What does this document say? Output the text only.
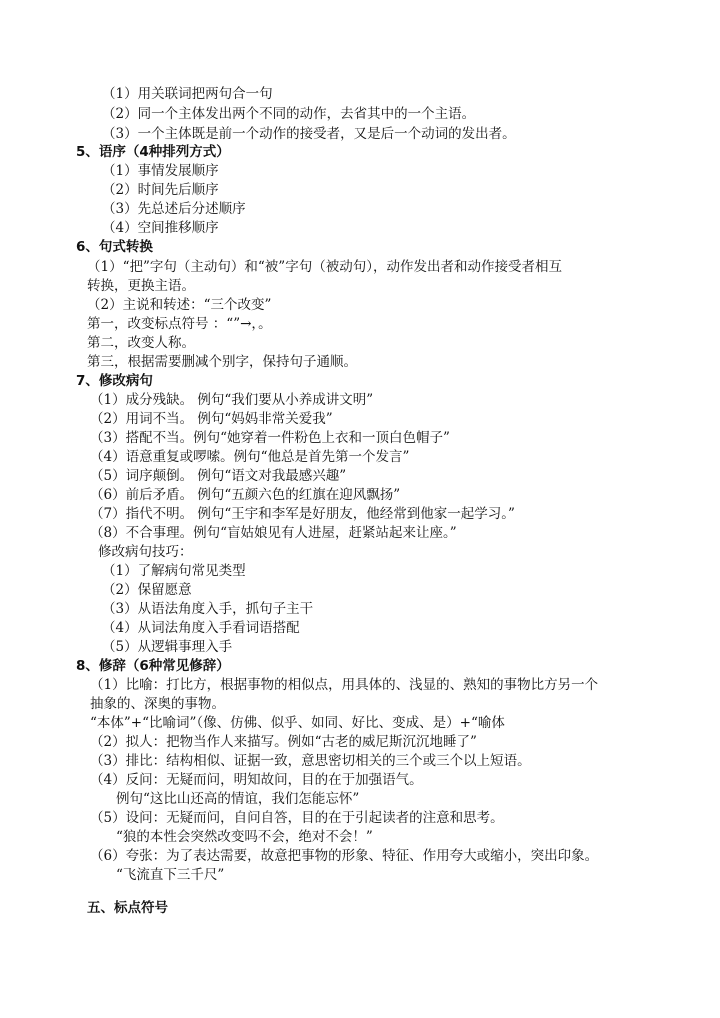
（1）用关联词把两句合一句
（2）同一个主体发出两个不同的动作，去省其中的一个主语。
（3）一个主体既是前一个动作的接受者，又是后一个动词的发出者。
5、语序（4种排列方式）
（1）事情发展顺序
（2）时间先后顺序
（3）先总述后分述顺序
（4）空间推移顺序
6、句式转换
（1）“把”字句（主动句）和“被”字句（被动句），动作发出者和动作接受者相互
转换，更换主语。
（2）主说和转述：“三个改变”
第一，改变标点符号 ：“”→，。
第二，改变人称。
第三，根据需要删减个别字，保持句子通顺。
7、修改病句
（1）成分残缺。 例句“我们要从小养成讲文明”
（2）用词不当。 例句“妈妈非常关爱我”
（3）搭配不当。例句“她穿着一件粉色上衣和一顶白色帽子”
（4）语意重复或啰嗦。例句“他总是首先第一个发言”
（5）词序颠倒。 例句“语文对我最感兴趣”
（6）前后矛盾。 例句“五颜六色的红旗在迎风飘扬”
（7）指代不明。 例句“王宇和李军是好朋友，他经常到他家一起学习。”
（8）不合事理。例句“盲姑娘见有人进屋，赶紧站起来让座。”
修改病句技巧：
（1）了解病句常见类型
（2）保留愿意
（3）从语法角度入手，抓句子主干
（4）从词法角度入手看词语搭配
（5）从逻辑事理入手
8、修辞（6种常见修辞）
（1）比喻：打比方，根据事物的相似点，用具体的、浅显的、熟知的事物比方另一个
抽象的、深奥的事物。
“本体”+“比喻词”（像、仿佛、似乎、如同、好比、变成、是）+“喻体
（2）拟人：把物当作人来描写。例如“古老的威尼斯沉沉地睡了”
（3）排比：结构相似、证据一致，意思密切相关的三个或三个以上短语。
（4）反问：无疑而问，明知故问，目的在于加强语气。
例句“这比山还高的情谊，我们怎能忘怀”
（5）设问：无疑而问，自问自答，目的在于引起读者的注意和思考。
“狼的本性会突然改变吗不会，绝对不会！”
（6）夸张：为了表达需要，故意把事物的形象、特征、作用夸大或缩小，突出印象。
“飞流直下三千尺”
五、标点符号
